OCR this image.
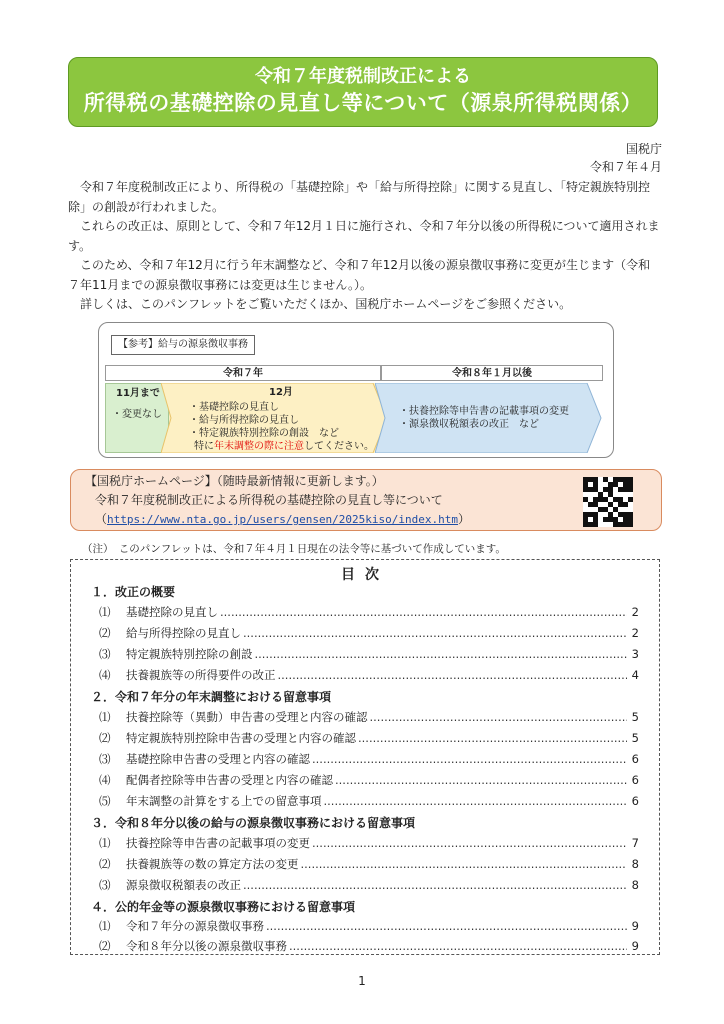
令和７年度税制改正による
所得税の基礎控除の見直し等について（源泉所得税関係）
国税庁
令和７年４月

令和７年度税制改正により、所得税の「基礎控除」や「給与所得控除」に関する見直し、「特定親族特別控除」の創設が行われました。

これらの改正は、原則として、令和７年12月１日に施行され、令和７年分以後の所得税について適用されます。

このため、令和７年12月に行う年末調整など、令和７年12月以後の源泉徴収事務に変更が生じます（令和７年11月までの源泉徴収事務には変更は生じません。）。

詳しくは、このパンフレットをご覧いただくほか、国税庁ホームページをご参照ください。

【参考】給与の源泉徴収事務
令和７年	令和８年１月以後
11月まで
・変更なし
12月
・基礎控除の見直し
・給与所得控除の見直し
・特定親族特別控除の創設　など
特に年末調整の際に注意してください。
・扶養控除等申告書の記載事項の変更
・源泉徴収税額表の改正　など
【国税庁ホームページ】（随時最新情報に更新します。）
令和７年度税制改正による所得税の基礎控除の見直し等について
（https://www.nta.go.jp/users/gensen/2025kiso/index.htm）
（注）　このパンフレットは、令和７年４月１日現在の法令等に基づいて作成しています。
目次
１．改正の概要
⑴	基礎控除の見直し .....	2
⑵	給与所得控除の見直し .....	2
⑶	特定親族特別控除の創設 .....	3
⑷	扶養親族等の所得要件の改正 .....	4
２．令和７年分の年末調整における留意事項
⑴	扶養控除等（異動）申告書の受理と内容の確認 .....	5
⑵	特定親族特別控除申告書の受理と内容の確認 .....	5
⑶	基礎控除申告書の受理と内容の確認 .....	6
⑷	配偶者控除等申告書の受理と内容の確認 .....	6
⑸	年末調整の計算をする上での留意事項 .....	6
３．令和８年分以後の給与の源泉徴収事務における留意事項
⑴	扶養控除等申告書の記載事項の変更 .....	7
⑵	扶養親族等の数の算定方法の変更 .....	8
⑶	源泉徴収税額表の改正 .....	8
４．公的年金等の源泉徴収事務における留意事項
⑴	令和７年分の源泉徴収事務 .....	9
⑵	令和８年分以後の源泉徴収事務 .....	9
1
